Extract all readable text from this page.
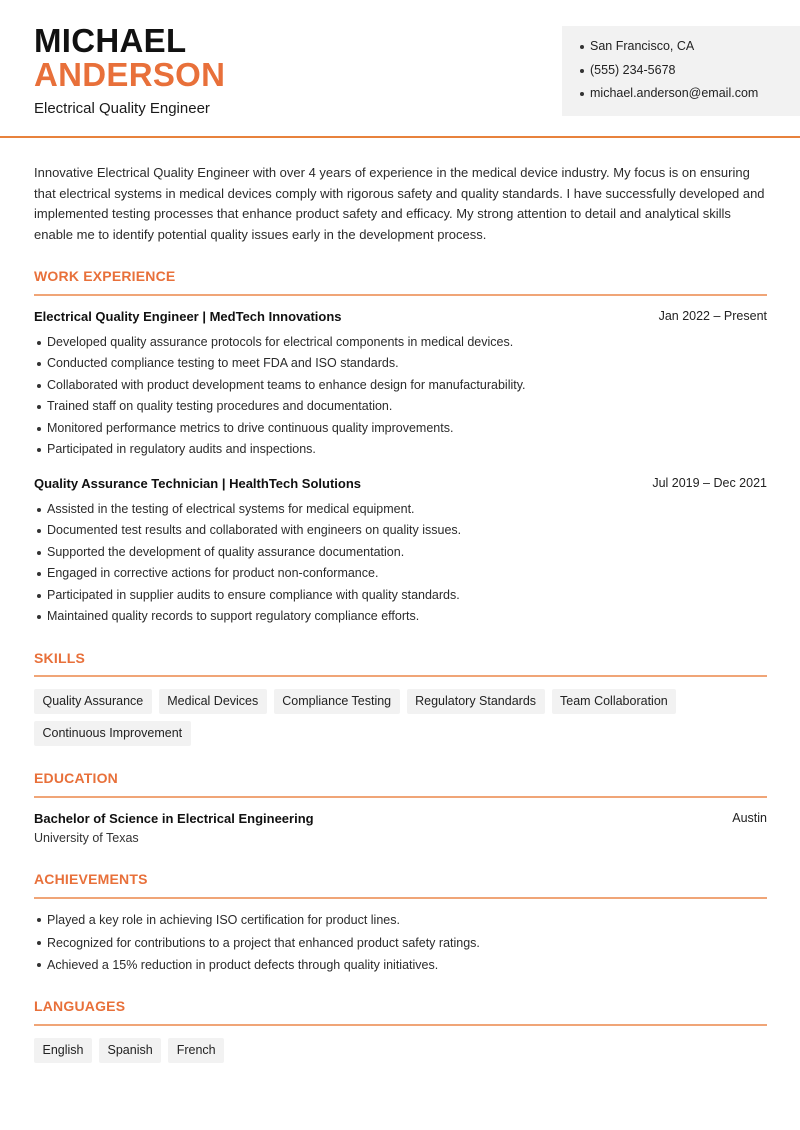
MICHAEL
ANDERSON
Electrical Quality Engineer
San Francisco, CA
(555) 234-5678
michael.anderson@email.com

Innovative Electrical Quality Engineer with over 4 years of experience in the medical device industry. My focus is on ensuring that electrical systems in medical devices comply with rigorous safety and quality standards. I have successfully developed and implemented testing processes that enhance product safety and efficacy. My strong attention to detail and analytical skills enable me to identify potential quality issues early in the development process.

WORK EXPERIENCE
Electrical Quality Engineer | MedTech Innovations	Jan 2022 – Present
Developed quality assurance protocols for electrical components in medical devices.
Conducted compliance testing to meet FDA and ISO standards.
Collaborated with product development teams to enhance design for manufacturability.
Trained staff on quality testing procedures and documentation.
Monitored performance metrics to drive continuous quality improvements.
Participated in regulatory audits and inspections.
Quality Assurance Technician | HealthTech Solutions	Jul 2019 – Dec 2021
Assisted in the testing of electrical systems for medical equipment.
Documented test results and collaborated with engineers on quality issues.
Supported the development of quality assurance documentation.
Engaged in corrective actions for product non-conformance.
Participated in supplier audits to ensure compliance with quality standards.
Maintained quality records to support regulatory compliance efforts.
SKILLS
Quality Assurance	Medical Devices	Compliance Testing	Regulatory Standards	Team Collaboration
Continuous Improvement
EDUCATION
Bachelor of Science in Electrical Engineering	Austin
University of Texas
ACHIEVEMENTS
Played a key role in achieving ISO certification for product lines.
Recognized for contributions to a project that enhanced product safety ratings.
Achieved a 15% reduction in product defects through quality initiatives.
LANGUAGES
English	Spanish	French
